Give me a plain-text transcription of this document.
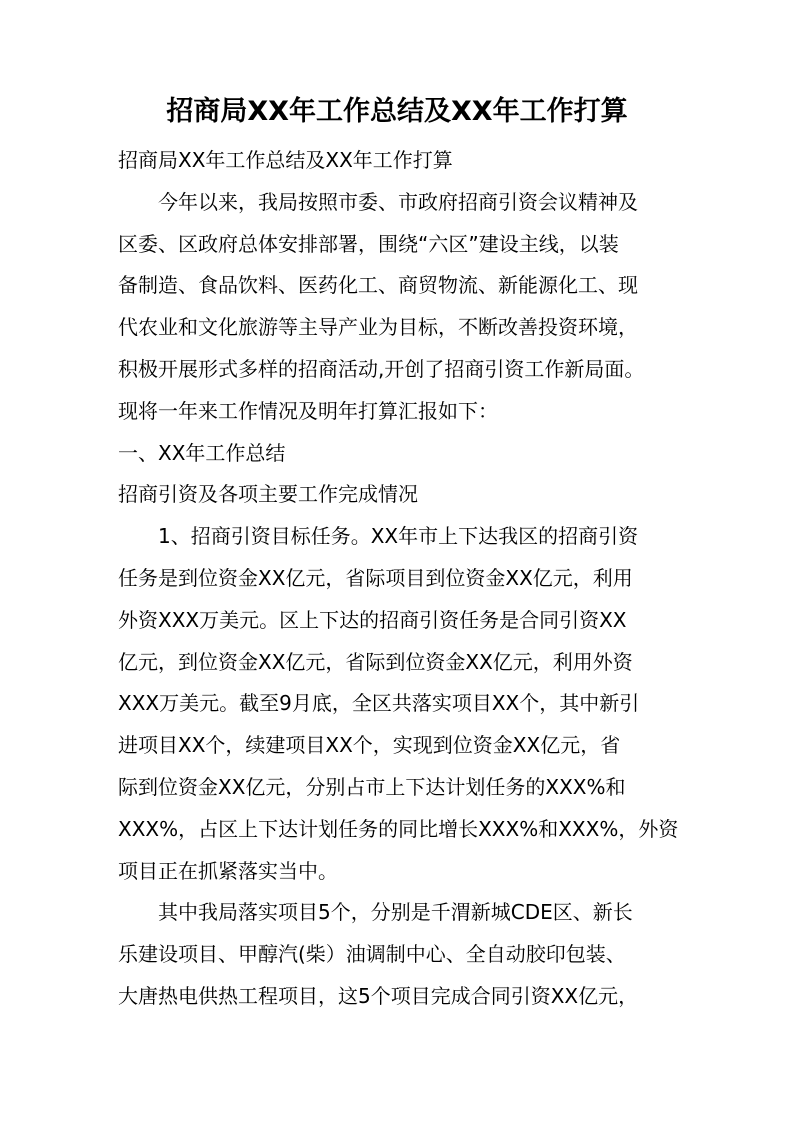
招商局XX年工作总结及XX年工作打算

招商局XX年工作总结及XX年工作打算

今年以来，我局按照市委、市政府招商引资会议精神及

区委、区政府总体安排部署，围绕“六区”建设主线，以装

备制造、食品饮料、医药化工、商贸物流、新能源化工、现

代农业和文化旅游等主导产业为目标，不断改善投资环境，

积极开展形式多样的招商活动,开创了招商引资工作新局面。

现将一年来工作情况及明年打算汇报如下：

一、XX年工作总结

招商引资及各项主要工作完成情况

1、招商引资目标任务。XX年市上下达我区的招商引资

任务是到位资金XX亿元，省际项目到位资金XX亿元，利用

外资XXX万美元。区上下达的招商引资任务是合同引资XX

亿元，到位资金XX亿元，省际到位资金XX亿元，利用外资

XXX万美元。截至9月底，全区共落实项目XX个，其中新引

进项目XX个，续建项目XX个，实现到位资金XX亿元，省

际到位资金XX亿元，分别占市上下达计划任务的XXX%和

XXX%，占区上下达计划任务的同比增长XXX%和XXX%，外资

项目正在抓紧落实当中。

其中我局落实项目5个，分别是千渭新城CDE区、新长

乐建设项目、甲醇汽(柴）油调制中心、全自动胶印包装、

大唐热电供热工程项目，这5个项目完成合同引资XX亿元，
